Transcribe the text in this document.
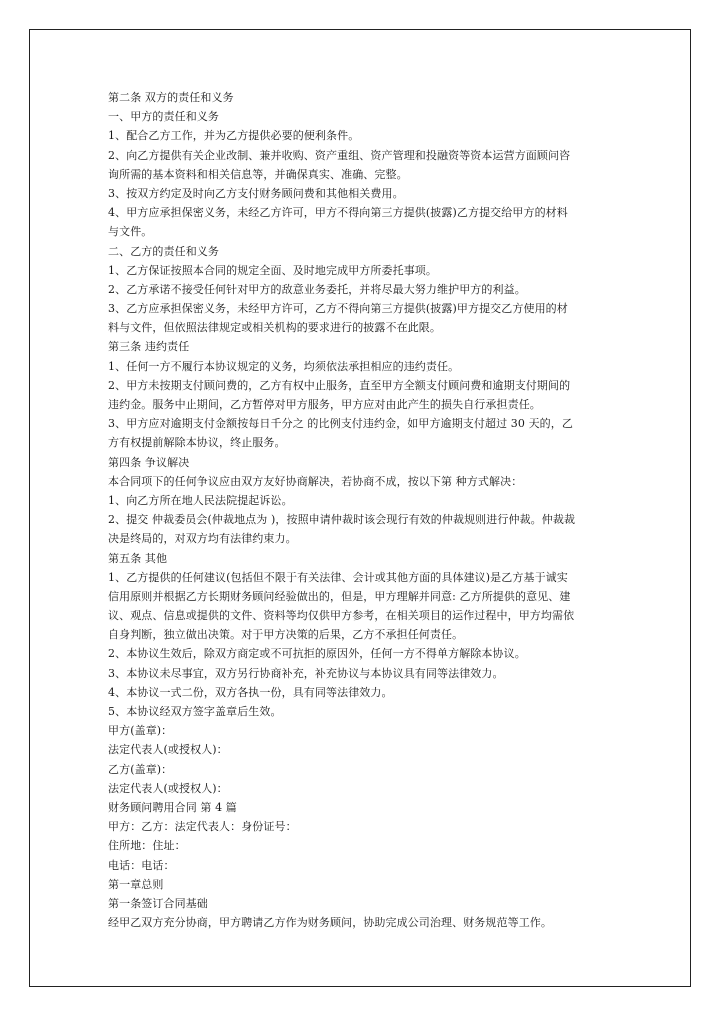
第二条 双方的责任和义务
一、甲方的责任和义务
1、配合乙方工作，并为乙方提供必要的便利条件。
2、向乙方提供有关企业改制、兼并收购、资产重组、资产管理和投融资等资本运营方面顾问咨
询所需的基本资料和相关信息等，并确保真实、准确、完整。
3、按双方约定及时向乙方支付财务顾问费和其他相关费用。
4、甲方应承担保密义务，未经乙方许可，甲方不得向第三方提供(披露)乙方提交给甲方的材料
与文件。
二、乙方的责任和义务
1、乙方保证按照本合同的规定全面、及时地完成甲方所委托事项。
2、乙方承诺不接受任何针对甲方的敌意业务委托，并将尽最大努力维护甲方的利益。
3、乙方应承担保密义务，未经甲方许可，乙方不得向第三方提供(披露)甲方提交乙方使用的材
料与文件，但依照法律规定或相关机构的要求进行的披露不在此限。
第三条 违约责任
1、任何一方不履行本协议规定的义务，均须依法承担相应的违约责任。
2、甲方未按期支付顾问费的，乙方有权中止服务，直至甲方全额支付顾问费和逾期支付期间的
违约金。服务中止期间，乙方暂停对甲方服务，甲方应对由此产生的损失自行承担责任。
3、甲方应对逾期支付金额按每日千分之 的比例支付违约金，如甲方逾期支付超过 30 天的，乙
方有权提前解除本协议，终止服务。
第四条 争议解决
本合同项下的任何争议应由双方友好协商解决，若协商不成，按以下第 种方式解决：
1、向乙方所在地人民法院提起诉讼。
2、提交 仲裁委员会(仲裁地点为 )，按照申请仲裁时该会现行有效的仲裁规则进行仲裁。仲裁裁
决是终局的，对双方均有法律约束力。
第五条 其他
1、乙方提供的任何建议(包括但不限于有关法律、会计或其他方面的具体建议)是乙方基于诚实
信用原则并根据乙方长期财务顾问经验做出的，但是，甲方理解并同意: 乙方所提供的意见、建
议、观点、信息或提供的文件、资料等均仅供甲方参考，在相关项目的运作过程中，甲方均需依
自身判断，独立做出决策。对于甲方决策的后果，乙方不承担任何责任。
2、本协议生效后，除双方商定或不可抗拒的原因外，任何一方不得单方解除本协议。
3、本协议未尽事宜，双方另行协商补充，补充协议与本协议具有同等法律效力。
4、本协议一式二份，双方各执一份，具有同等法律效力。
5、本协议经双方签字盖章后生效。
甲方(盖章)：
法定代表人(或授权人)：
乙方(盖章)：
法定代表人(或授权人)：
财务顾问聘用合同 第 4 篇
甲方：乙方：法定代表人：身份证号：
住所地：住址：
电话：电话：
第一章总则
第一条签订合同基础
经甲乙双方充分协商，甲方聘请乙方作为财务顾问，协助完成公司治理、财务规范等工作。
